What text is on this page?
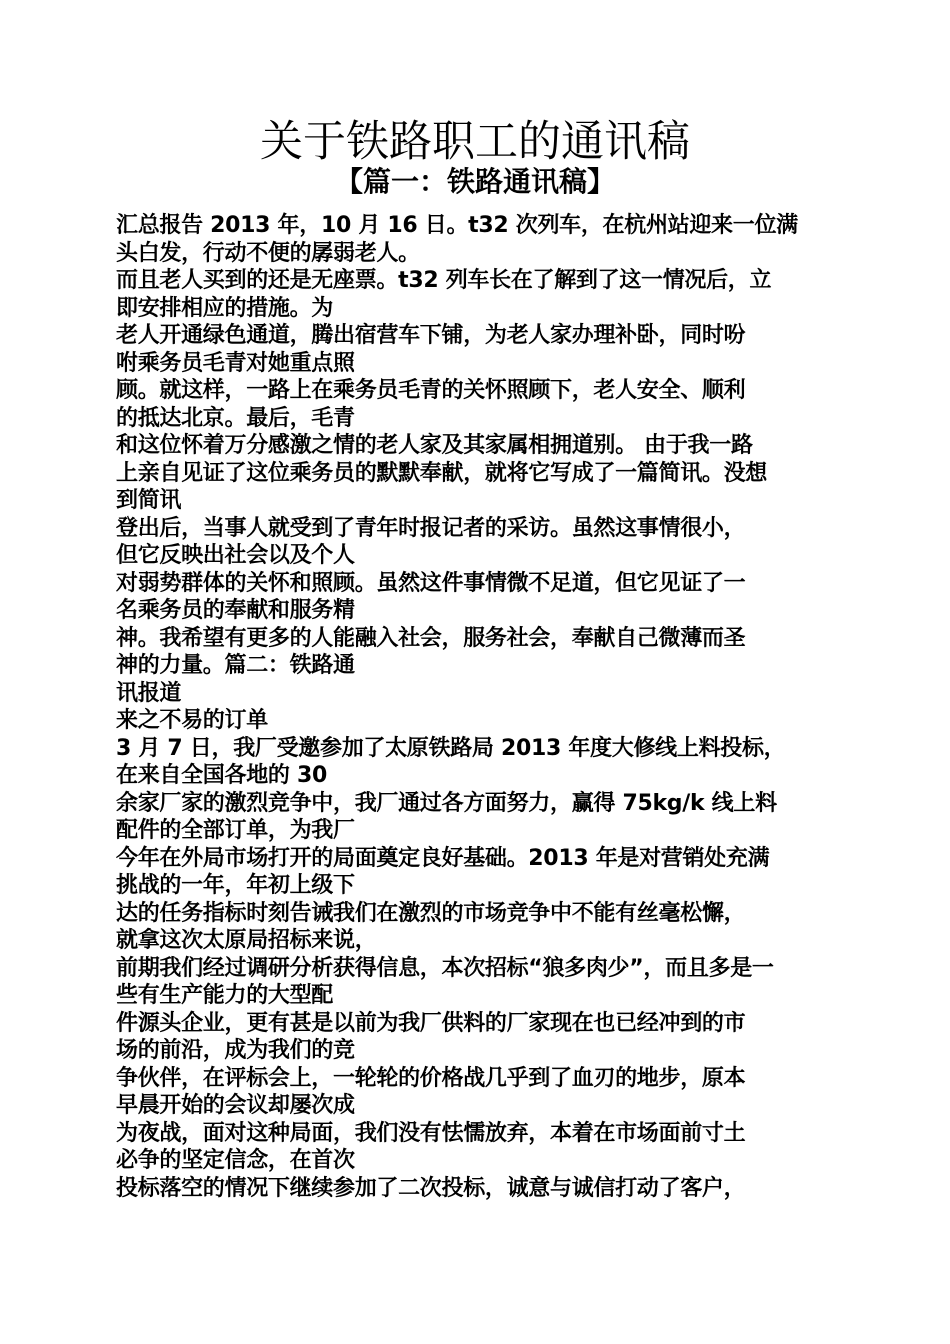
关于铁路职工的通讯稿
【篇一：铁路通讯稿】

汇总报告 2013 年，10 月 16 日。t32 次列车，在杭州站迎来一位满

头白发，行动不便的孱弱老人。

而且老人买到的还是无座票。t32 列车长在了解到了这一情况后，立

即安排相应的措施。为

老人开通绿色通道，腾出宿营车下铺，为老人家办理补卧，同时吩

咐乘务员毛青对她重点照

顾。就这样，一路上在乘务员毛青的关怀照顾下，老人安全、顺利

的抵达北京。最后，毛青

和这位怀着万分感激之情的老人家及其家属相拥道别。 由于我一路

上亲自见证了这位乘务员的默默奉献，就将它写成了一篇简讯。没想

到简讯

登出后，当事人就受到了青年时报记者的采访。虽然这事情很小，

但它反映出社会以及个人

对弱势群体的关怀和照顾。虽然这件事情微不足道，但它见证了一

名乘务员的奉献和服务精

神。我希望有更多的人能融入社会，服务社会，奉献自己微薄而圣

神的力量。篇二：铁路通

讯报道

来之不易的订单

3 月 7 日，我厂受邀参加了太原铁路局 2013 年度大修线上料投标，

在来自全国各地的 30

余家厂家的激烈竞争中，我厂通过各方面努力，赢得 75kg/k 线上料

配件的全部订单，为我厂

今年在外局市场打开的局面奠定良好基础。2013 年是对营销处充满

挑战的一年，年初上级下

达的任务指标时刻告诫我们在激烈的市场竞争中不能有丝毫松懈，

就拿这次太原局招标来说，

前期我们经过调研分析获得信息，本次招标“狼多肉少”，而且多是一

些有生产能力的大型配

件源头企业，更有甚是以前为我厂供料的厂家现在也已经冲到的市

场的前沿，成为我们的竞

争伙伴，在评标会上，一轮轮的价格战几乎到了血刃的地步，原本

早晨开始的会议却屡次成

为夜战，面对这种局面，我们没有怯懦放弃，本着在市场面前寸土

必争的坚定信念，在首次

投标落空的情况下继续参加了二次投标，诚意与诚信打动了客户，
